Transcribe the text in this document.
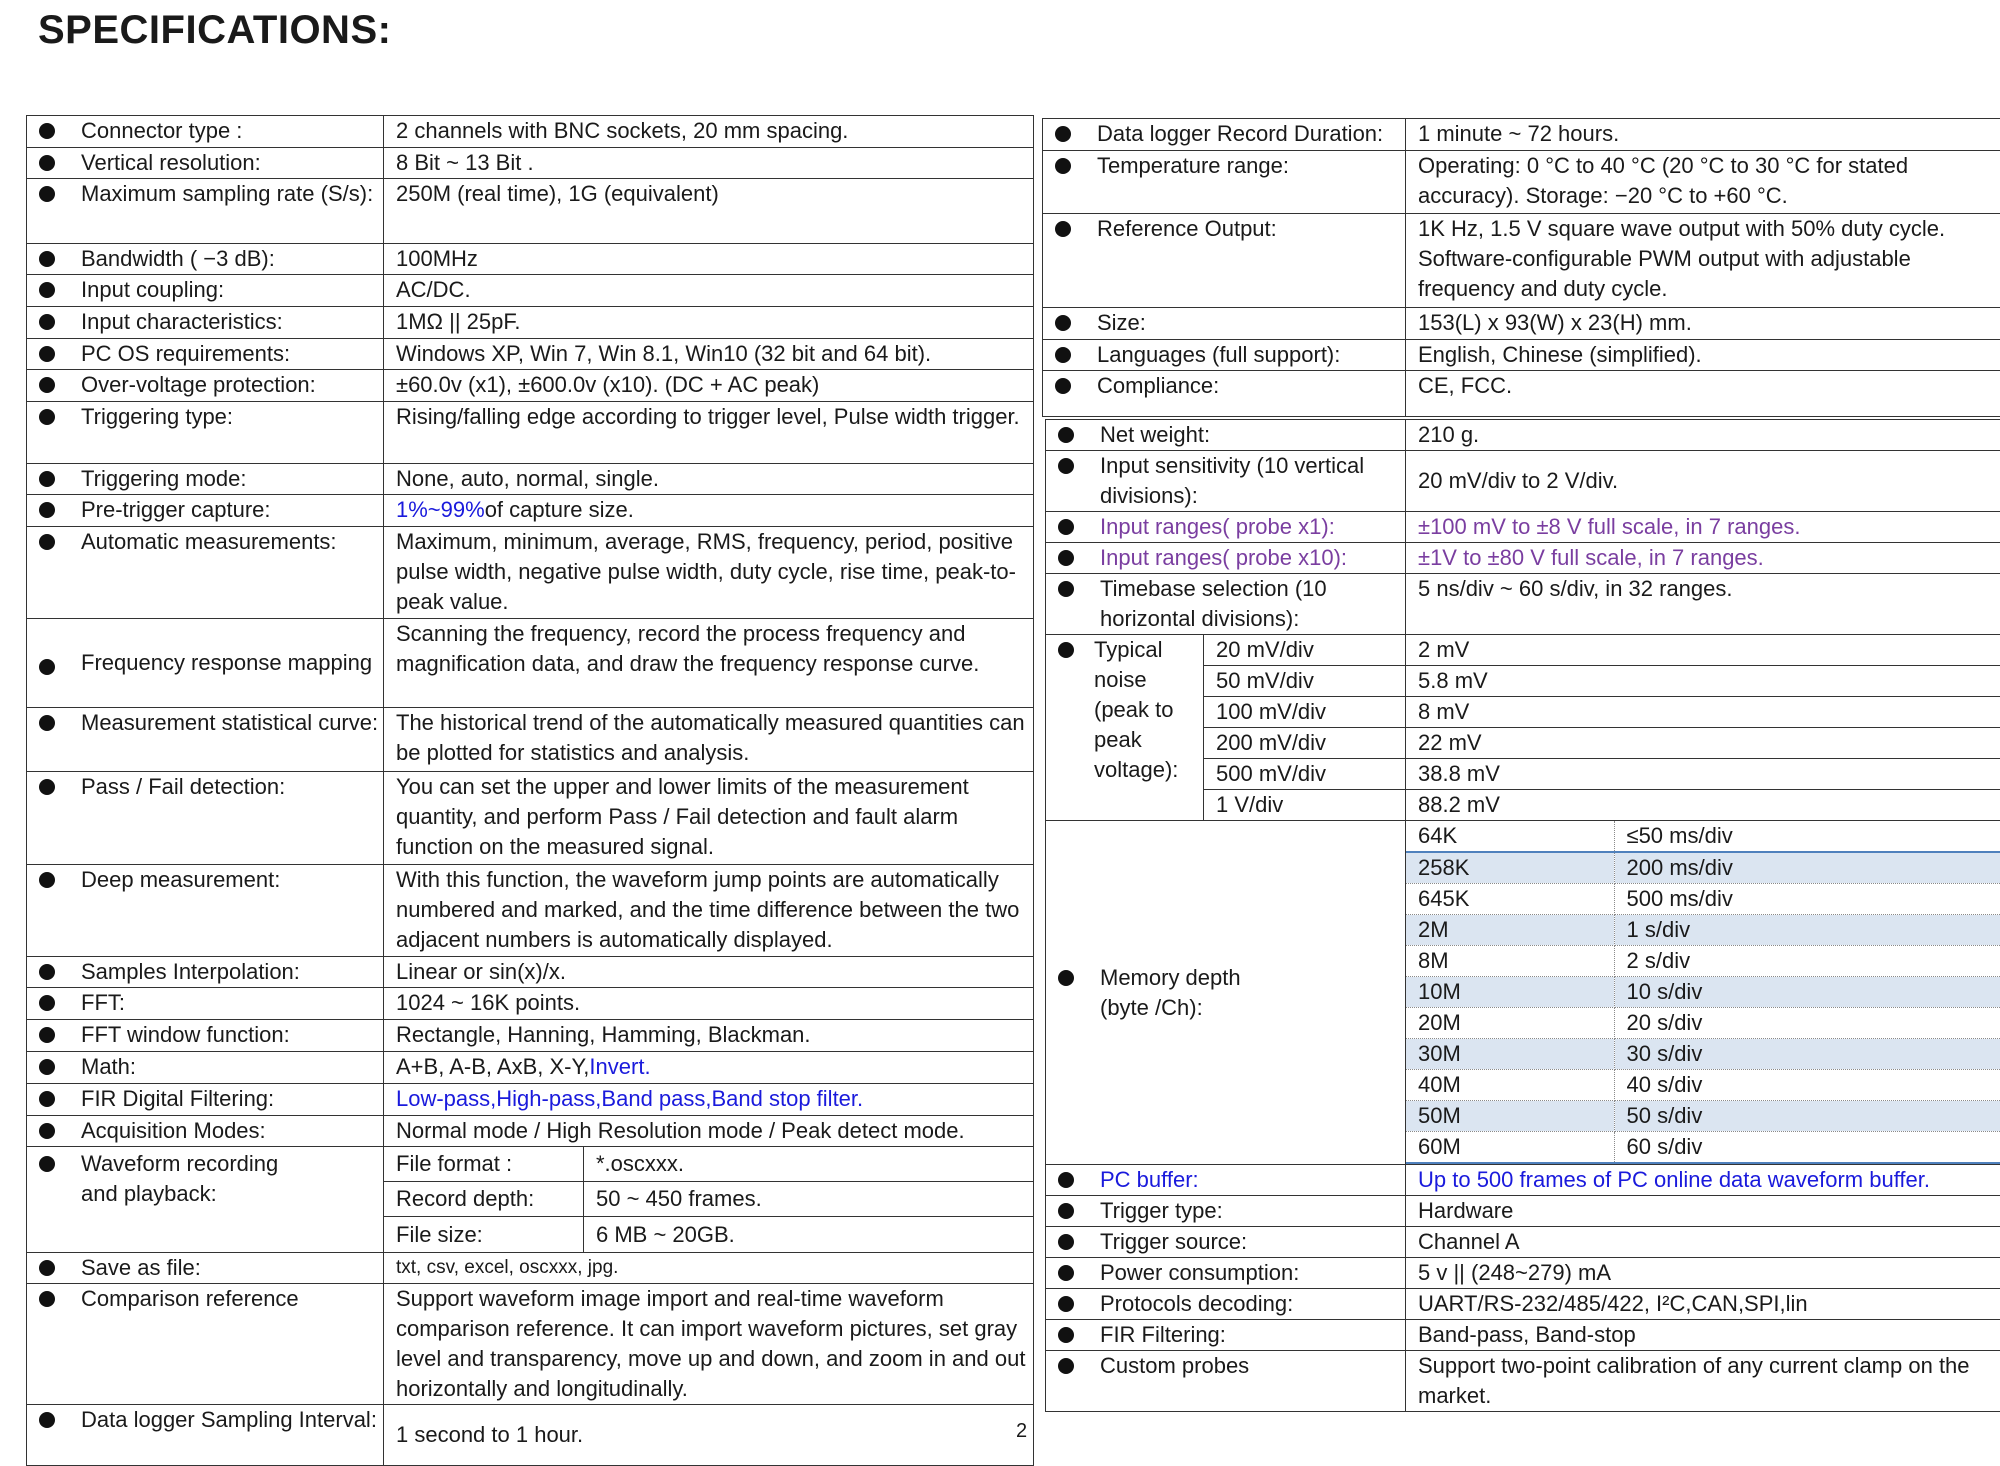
SPECIFICATIONS:
Connector type :	2 channels with BNC sockets, 20 mm spacing.	

Vertical resolution:	8 Bit ~ 13 Bit .	

Maximum sampling rate (S/s):	250M (real time), 1G (equivalent)	

Bandwidth ( −3 dB):	100MHz	

Input coupling:	AC/DC.	

Input characteristics:	1MΩ || 25pF.	

PC OS requirements:	Windows XP, Win 7, Win 8.1, Win10 (32 bit and 64 bit).	

Over-voltage protection:	±60.0v (x1), ±600.0v (x10). (DC + AC peak)	

Triggering type:	Rising/falling edge according to trigger level, Pulse width trigger.	

Triggering mode:	None, auto, normal, single.	

Pre-trigger capture:	1%~99%of capture size.	

Automatic measurements:	Maximum, minimum, average, RMS, frequency, period, positive pulse width, negative pulse width, duty cycle, rise time, peak-to-peak value.	

Frequency response mapping	Scanning the frequency, record the process frequency and magnification data, and draw the frequency response curve.	

Measurement statistical curve:	The historical trend of the automatically measured quantities can be plotted for statistics and analysis.	

Pass / Fail detection:	You can set the upper and lower limits of the measurement quantity, and perform Pass / Fail detection and fault alarm function on the measured signal.	

Deep measurement:	With this function, the waveform jump points are automatically numbered and marked, and the time difference between the two adjacent numbers is automatically displayed.	

Samples Interpolation:	Linear or sin(x)/x.	

FFT:	1024 ~ 16K points.	

FFT window function:	Rectangle, Hanning, Hamming, Blackman.	

Math:	A+B, A-B, AxB, X-Y,Invert.	

FIR Digital Filtering:	Low-pass,High-pass,Band pass,Band stop filter.	

Acquisition Modes:	Normal mode / High Resolution mode / Peak detect mode.	

Waveform recording and playback:	File format :	*.oscxxx.
	Record depth:	50 ~ 450 frames.
	File size:	6 MB ~ 20GB.

Save as file:	txt, csv, excel, oscxxx, jpg.	

Comparison reference	Support waveform image import and real-time waveform comparison reference. It can import waveform pictures, set gray level and transparency, move up and down, and zoom in and out horizontally and longitudinally.	

Data logger Sampling Interval:	1 second to 1 hour.		2
Data logger Record Duration:	1 minute ~ 72 hours.

Temperature range:	Operating: 0 °C to 40 °C (20 °C to 30 °C for stated accuracy). Storage: −20 °C to +60 °C.

Reference Output:	1K Hz, 1.5 V square wave output with 50% duty cycle. Software-configurable PWM output with adjustable frequency and duty cycle.

Size:	153(L) x 93(W) x 23(H) mm.

Languages (full support):	English, Chinese (simplified).

Compliance:	CE, FCC.
Net weight:	210 g.

Input sensitivity (10 vertical divisions):
	20 mV/div to 2 V/div.

Input ranges( probe x1):	±100 mV to ±8 V full scale, in 7 ranges.

Input ranges( probe x10):	±1V to ±80 V full scale, in 7 ranges.

Timebase selection (10 horizontal divisions):
	5 ns/div ~ 60 s/div, in 32 ranges.

Typical noise (peak to peak voltage):
	20 mV/div	2 mV
50 mV/div	5.8 mV
100 mV/div	8 mV
200 mV/div	22 mV
500 mV/div	38.8 mV
1 V/div	88.2 mV

Memory depth (byte /Ch):

64K	≤50 ms/div
258K	200 ms/div
645K	500 ms/div
2M	1 s/div
8M	2 s/div
10M	10 s/div
20M	20 s/div
30M	30 s/div
40M	40 s/div
50M	50 s/div
60M	60 s/div

PC buffer:	Up to 500 frames of PC online data waveform buffer.

Trigger type:	Hardware

Trigger source:	Channel A

Power consumption:	5 v || (248~279) mA

Protocols decoding:	UART/RS-232/485/422, I²C,CAN,SPI,lin

FIR Filtering:	Band-pass, Band-stop

Custom probes	Support two-point calibration of any current clamp on the market.
